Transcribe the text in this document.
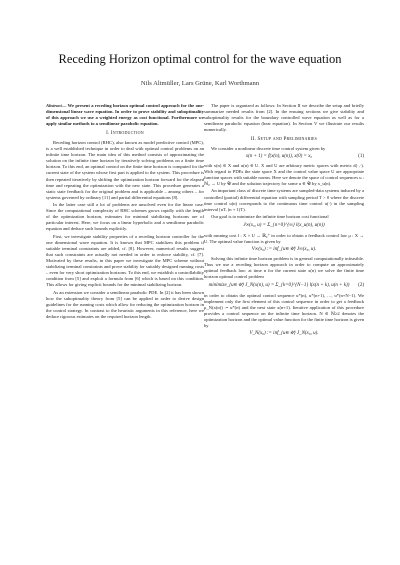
Receding Horizon optimal control for the wave equation
Nils Altmüller, Lars Grüne, Karl Worthmann

Abstract— We present a receding horizon optimal control approach for the one-dimensional linear wave equation. In order to prove stability and suboptimality of this approach we use a weighted energy as cost functional. Furthermore we apply similar methods to a semilinear parabolic equation.

I. Introduction

Receding horizon control (RHC), also known as model predictive control (MPC), is a well established technique in order to deal with optimal control problems on an infinite time horizon. The main idea of this method consists of approximating the solution on the infinite time horizon by iteratively solving problems on a finite time horizon. To this end, an optimal control on the finite time horizon is computed for the current state of the system whose first part is applied to the system. This procedure is then repeated iteratively by shifting the optimization horizon forward for the elapsed time and repeating the optimization with the new state. This procedure generates a static state feedback for the original problem and is applicable – among others – for systems governed by ordinary [11] and partial differential equations [8].

In the latter case still a lot of problems are unsolved even for the linear case. Since the computational complexity of RHC schemes grows rapidly with the length of the optimization horizon, estimates for minimal stabilizing horizons are of particular interest. Here, we focus on a linear hyperbolic and a semilinear parabolic equation and deduce such bounds explicitly.

First, we investigate stability properties of a receding horizon controller for the one dimensional wave equation. It is known that MPC stabilizes this problem if suitable terminal constraints are added, cf. [8]. However, numerical results suggest that such constraints are actually not needed in order to enforce stability, cf. [7]. Motivated by these results, in this paper we investigate the MPC scheme without stabilizing terminal constraints and prove stability for suitably designed running costs – even for very short optimization horizons. To this end, we establish a controllability condition from [5] and exploit a formula from [6] which is based on this condition. This allows for giving explicit bounds for the minimal stabilizing horizon.

As an extension we consider a semilinear parabolic PDE. In [2] it has been shown how the suboptimality theory from [5] can be applied in order to derive design guidelines for the running costs which allow for reducing the optimization horizon in the control strategy. In contrast to the heuristic arguments in this reference, here we deduce rigorous estimates on the required horizon length.

The paper is organized as follows: In Section II we describe the setup and briefly summarize needed results from [2]. In the ensuing sections we give stability and suboptimality results for the boundary controlled wave equation as well as for a semilinear parabolic equation (heat equation). In Section V we illustrate our results numerically.

II. Setup and Preliminaries

We consider a nonlinear discrete time control system given by

x(n + 1) = f(x(n), u(n)), x(0) = x₀	(1)

with x(n) ∈ X and u(n) ∈ U. X and U are arbitrary metric spaces with metric d(·,·). With regard to PDEs the state space X and the control value space U are appropriate function spaces with suitable norms. Here we denote the space of control sequences u : ℕ₀ → U by 𝒰 and the solution trajectory for some u ∈ 𝒰 by x_u(n).

An important class of discrete time systems are sampled-data systems induced by a controlled (partial) differential equation with sampling period T > 0 where the discrete time control u(n) corresponds to the continuous time control u(·) in the sampling interval [nT, (n + 1)T).

Our goal is to minimize the infinite time horizon cost functional

J∞(x₀, u) = Σ_{n=0}^{∞} l(x_u(n), u(n))

with running cost l : X × U → ℝ₀⁺ in order to obtain a feedback control law μ : X → U. The optimal value function is given by

V∞(x₀) := inf_{u∈𝒰} J∞(x₀, u).

Solving this infinite time horizon problem is in general computationally infeasible. Thus we use a receding horizon approach in order to compute an approximately optimal feedback law: at time n for the current state x(n) we solve the finite time horizon optimal control problem

minimize_{u∈𝒰} J_N(x(n), u) = Σ_{k=0}^{N−1} l(x(n + k), u(n + k))	(2)

in order to obtain the optimal control sequence u*(n), u*(n+1), …, u*(n+N−1). We implement only the first element of this control sequence in order to get a feedback μ_N(x(n)) := u*(n) and the next state x(n+1). Iterative application of this procedure provides a control sequence on the infinite time horizon. N ∈ ℕ≥2 denotes the optimization horizon and the optimal value function for the finite time horizon is given by

V_N(x₀) := inf_{u∈𝒰} J_N(x₀, u).
